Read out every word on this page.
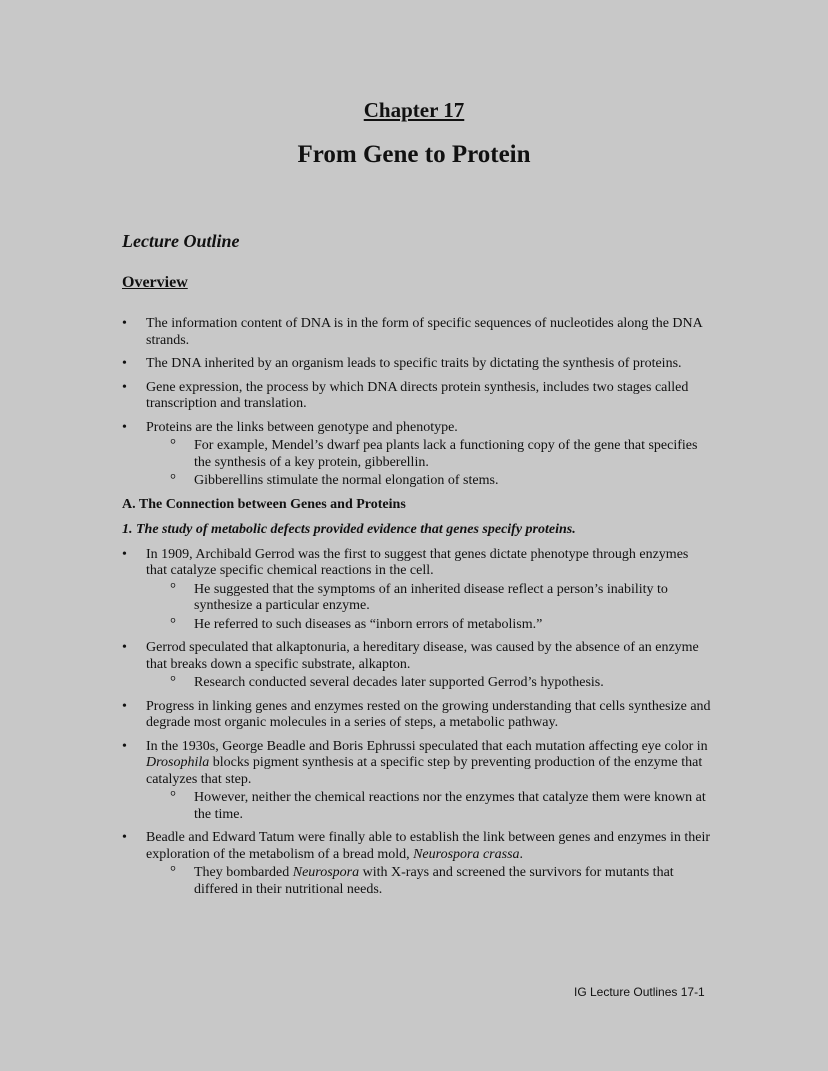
Chapter 17
From Gene to Protein
Lecture Outline
Overview
• The information content of DNA is in the form of specific sequences of nucleotides along the DNA strands.
• The DNA inherited by an organism leads to specific traits by dictating the synthesis of proteins.
• Gene expression, the process by which DNA directs protein synthesis, includes two stages called transcription and translation.
• Proteins are the links between genotype and phenotype.
° For example, Mendel’s dwarf pea plants lack a functioning copy of the gene that specifies the synthesis of a key protein, gibberellin.
° Gibberellins stimulate the normal elongation of stems.
A. The Connection between Genes and Proteins
1. The study of metabolic defects provided evidence that genes specify proteins.
• In 1909, Archibald Gerrod was the first to suggest that genes dictate phenotype through enzymes that catalyze specific chemical reactions in the cell.
° He suggested that the symptoms of an inherited disease reflect a person’s inability to synthesize a particular enzyme.
° He referred to such diseases as “inborn errors of metabolism.”
• Gerrod speculated that alkaptonuria, a hereditary disease, was caused by the absence of an enzyme that breaks down a specific substrate, alkapton.
° Research conducted several decades later supported Gerrod’s hypothesis.
• Progress in linking genes and enzymes rested on the growing understanding that cells synthesize and degrade most organic molecules in a series of steps, a metabolic pathway.
• In the 1930s, George Beadle and Boris Ephrussi speculated that each mutation affecting eye color in Drosophila blocks pigment synthesis at a specific step by preventing production of the enzyme that catalyzes that step.
° However, neither the chemical reactions nor the enzymes that catalyze them were known at the time.
• Beadle and Edward Tatum were finally able to establish the link between genes and enzymes in their exploration of the metabolism of a bread mold, Neurospora crassa.
° They bombarded Neurospora with X-rays and screened the survivors for mutants that differed in their nutritional needs.
IG Lecture Outlines 17-1
